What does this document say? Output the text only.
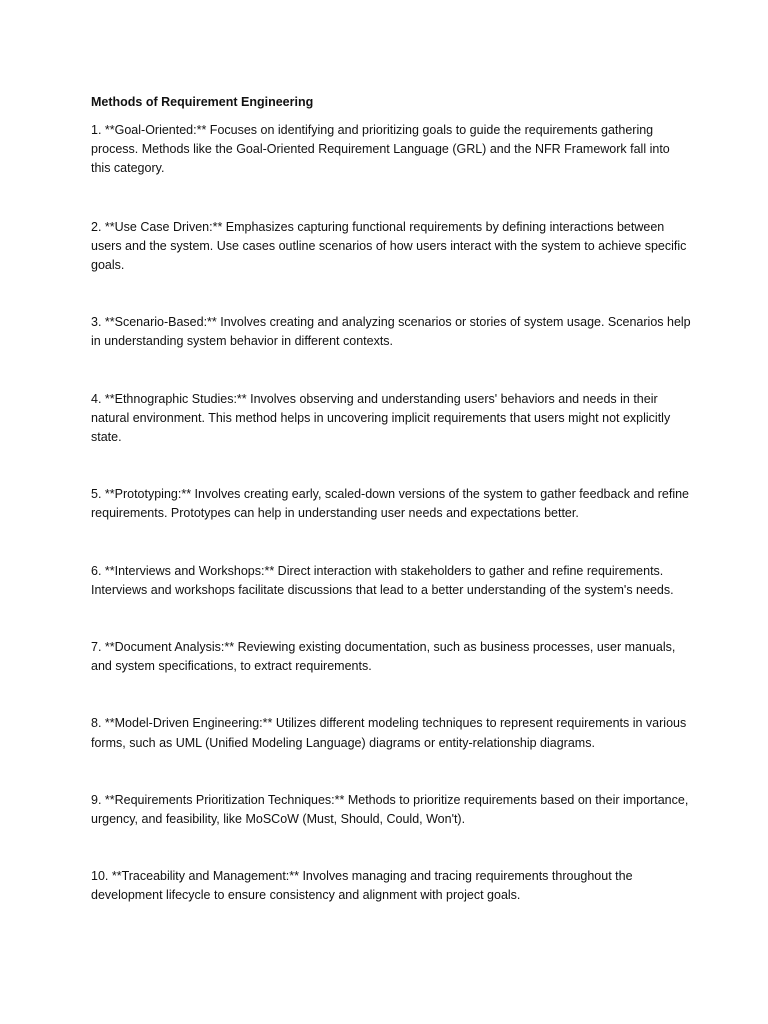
Methods of Requirement Engineering

1. **Goal-Oriented:** Focuses on identifying and prioritizing goals to guide the requirements gathering process. Methods like the Goal-Oriented Requirement Language (GRL) and the NFR Framework fall into this category.

2. **Use Case Driven:** Emphasizes capturing functional requirements by defining interactions between users and the system. Use cases outline scenarios of how users interact with the system to achieve specific goals.

3. **Scenario-Based:** Involves creating and analyzing scenarios or stories of system usage. Scenarios help in understanding system behavior in different contexts.

4. **Ethnographic Studies:** Involves observing and understanding users' behaviors and needs in their natural environment. This method helps in uncovering implicit requirements that users might not explicitly state.

5. **Prototyping:** Involves creating early, scaled-down versions of the system to gather feedback and refine requirements. Prototypes can help in understanding user needs and expectations better.

6. **Interviews and Workshops:** Direct interaction with stakeholders to gather and refine requirements. Interviews and workshops facilitate discussions that lead to a better understanding of the system's needs.

7. **Document Analysis:** Reviewing existing documentation, such as business processes, user manuals, and system specifications, to extract requirements.

8. **Model-Driven Engineering:** Utilizes different modeling techniques to represent requirements in various forms, such as UML (Unified Modeling Language) diagrams or entity-relationship diagrams.

9. **Requirements Prioritization Techniques:** Methods to prioritize requirements based on their importance, urgency, and feasibility, like MoSCoW (Must, Should, Could, Won't).

10. **Traceability and Management:** Involves managing and tracing requirements throughout the development lifecycle to ensure consistency and alignment with project goals.
